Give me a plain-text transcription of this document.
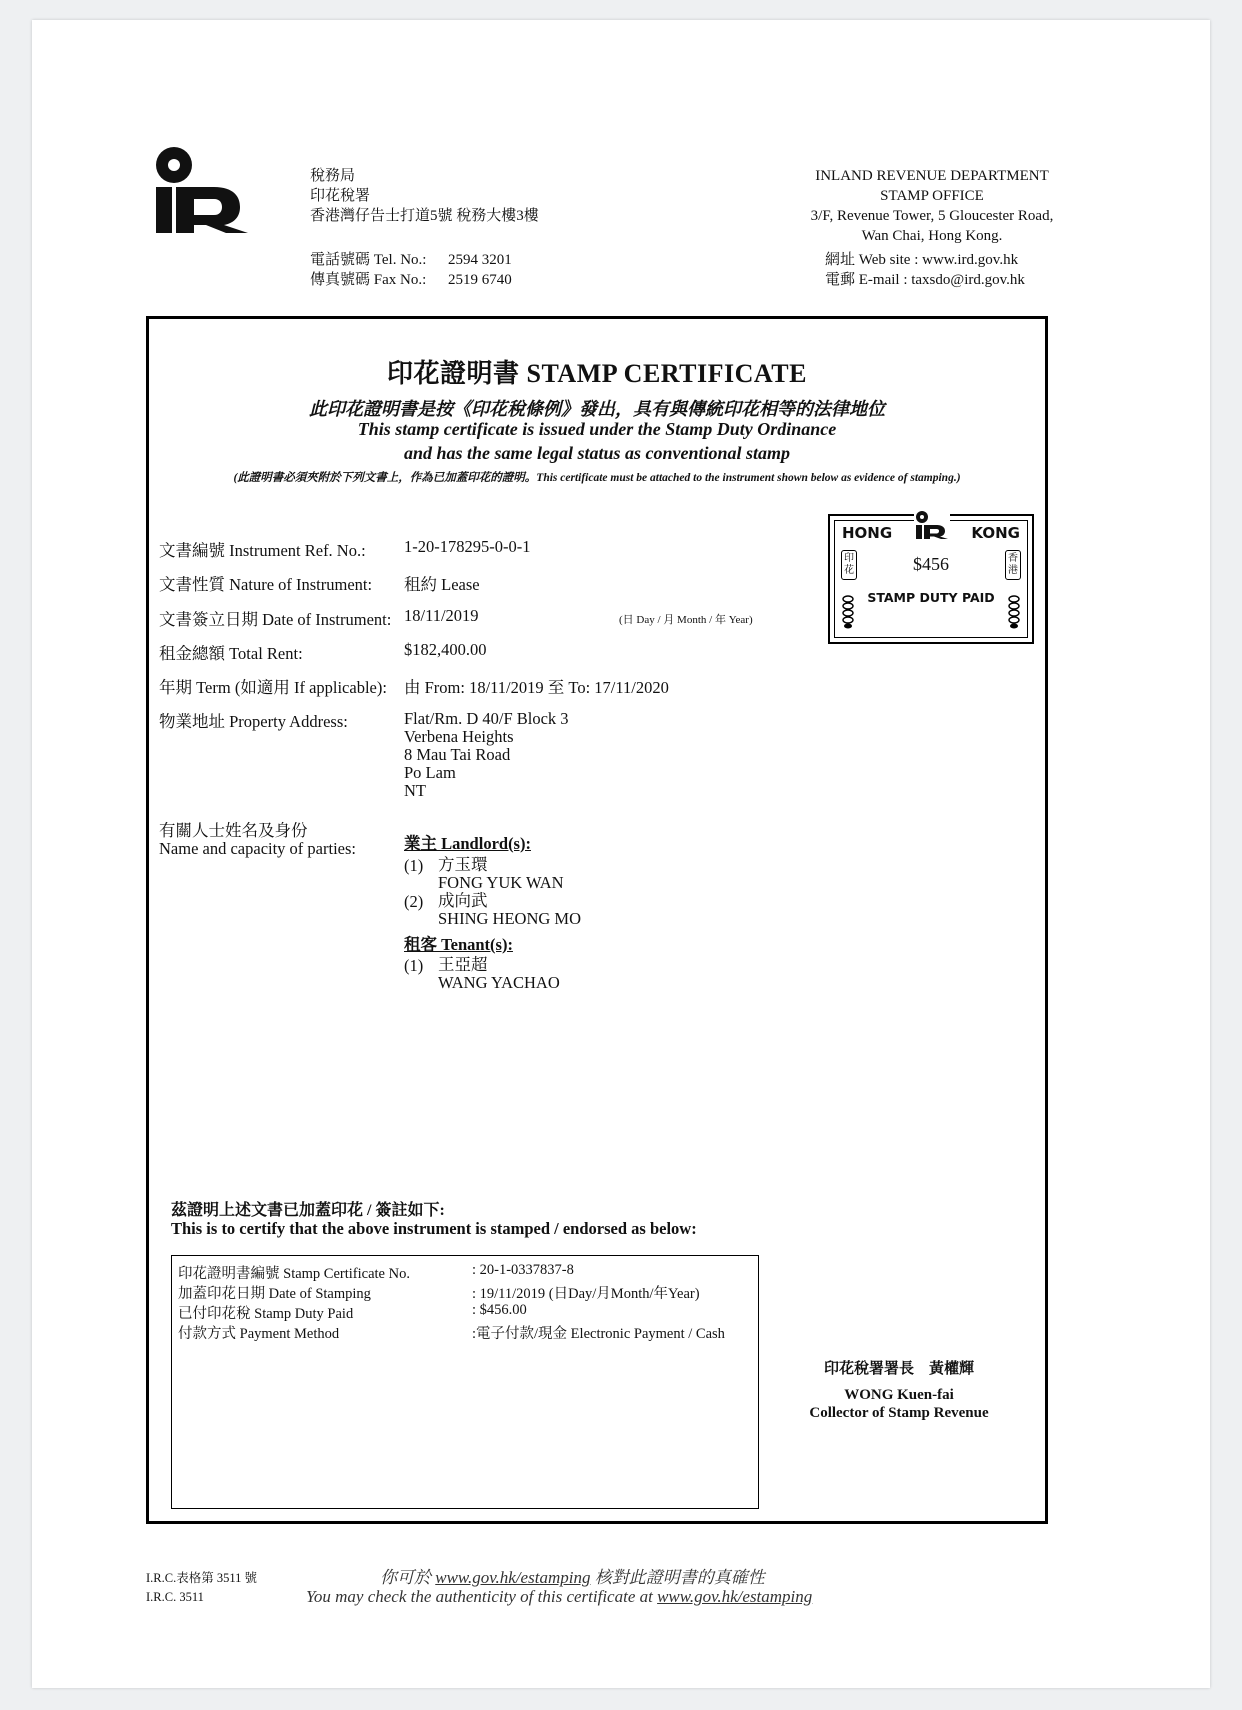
稅務局
印花稅署
香港灣仔告士打道5號 稅務大樓3樓
電話號碼 Tel. No.: 2594 3201
傳真號碼 Fax No.: 2519 6740
INLAND REVENUE DEPARTMENT
STAMP OFFICE
3/F, Revenue Tower, 5 Gloucester Road,
Wan Chai, Hong Kong.
網址 Web site : www.ird.gov.hk
電郵 E-mail : taxsdo@ird.gov.hk
印花證明書 STAMP CERTIFICATE
此印花證明書是按《印花稅條例》發出，具有與傳統印花相等的法律地位
This stamp certificate is issued under the Stamp Duty Ordinance
and has the same legal status as conventional stamp
(此證明書必須夾附於下列文書上，作為已加蓋印花的證明。This certificate must be attached to the instrument shown below as evidence of stamping.)
文書編號 Instrument Ref. No.: 1-20-178295-0-0-1
文書性質 Nature of Instrument: 租約 Lease
文書簽立日期 Date of Instrument: 18/11/2019	(日 Day / 月 Month / 年 Year)
租金總額 Total Rent:	$182,400.00
年期 Term (如適用 If applicable): 由 From: 18/11/2019 至 To: 17/11/2020
物業地址 Property Address:	Flat/Rm. D 40/F Block 3
Verbena Heights
8 Mau Tai Road
Po Lam
NT
有關人士姓名及身份
Name and capacity of parties:	業主 Landlord(s):
(1) 方玉環
FONG YUK WAN
(2) 成向武
SHING HEONG MO
租客 Tenant(s):
(1) 王亞超
WANG YACHAO
HONG	KONG
$456
STAMP DUTY PAID
印花
香港
茲證明上述文書已加蓋印花 / 簽註如下:
This is to certify that the above instrument is stamped / endorsed as below:
印花證明書編號 Stamp Certificate No.	: 20-1-0337837-8
加蓋印花日期 Date of Stamping	: 19/11/2019 (日Day/月Month/年Year)
已付印花稅 Stamp Duty Paid	: $456.00
付款方式 Payment Method	:電子付款/現金 Electronic Payment / Cash
印花稅署署長　黃權輝
WONG Kuen-fai
Collector of Stamp Revenue
I.R.C.表格第 3511 號
I.R.C. 3511
你可於 www.gov.hk/estamping 核對此證明書的真確性
You may check the authenticity of this certificate at www.gov.hk/estamping
